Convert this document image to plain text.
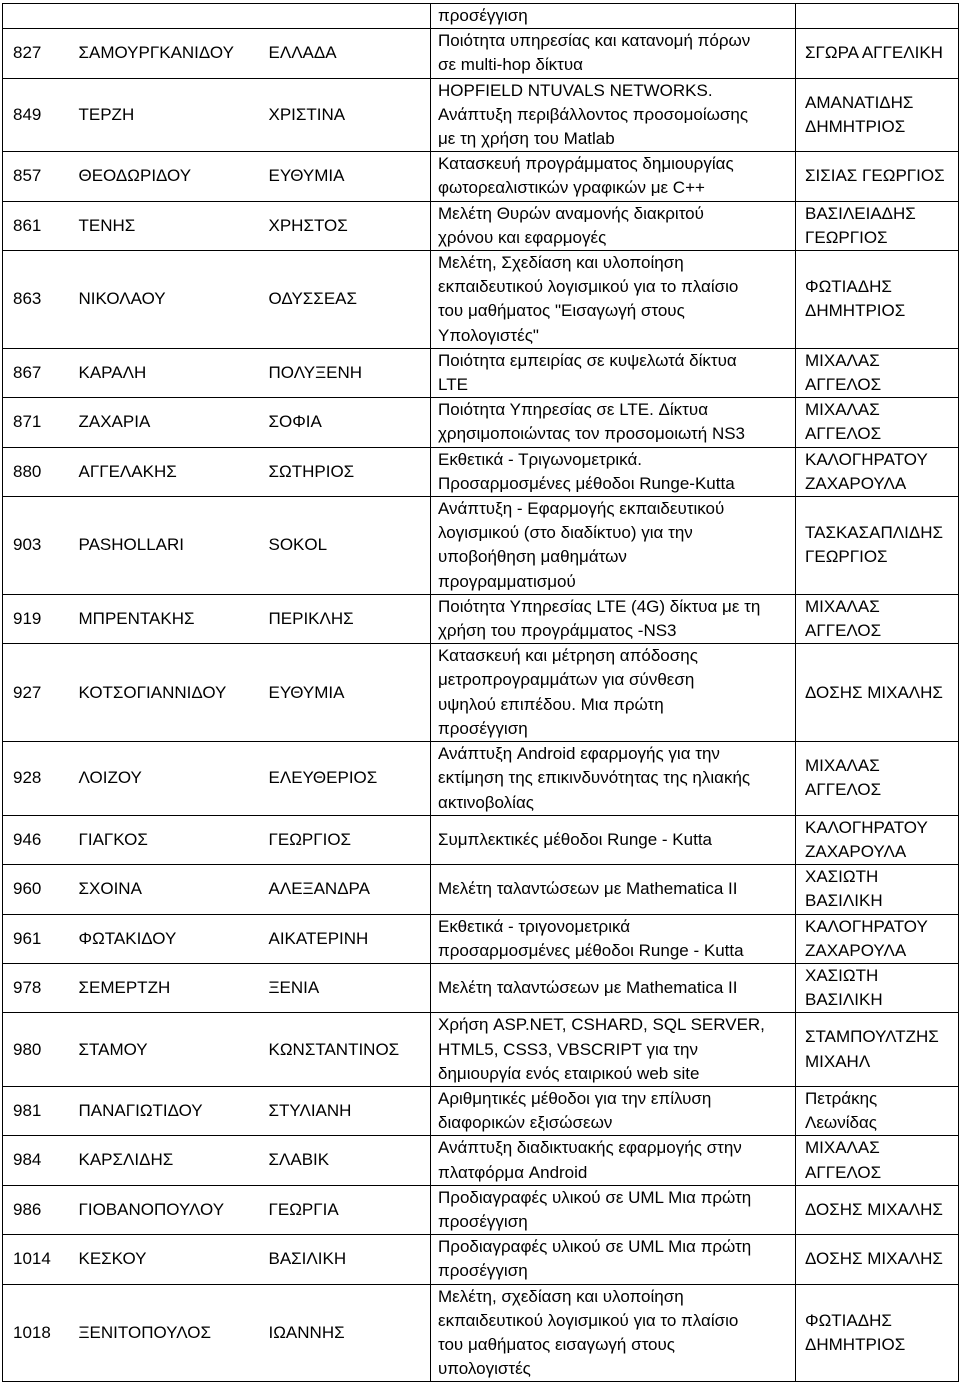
			προσέγγιση	

827	ΣΑΜΟΥΡΓΚΑΝΙΔΟΥ	ΕΛΛΑΔΑ	Ποιότητα υπηρεσίας και κατανομή πόρων
σε multi-hop δίκτυα	ΣΓΩΡΑ ΑΓΓΕΛΙΚΗ

849	ΤΕΡΖΗ	ΧΡΙΣΤΙΝΑ	HOPFIELD NTUVALS NETWORKS.
Ανάπτυξη περιβάλλοντος προσομοίωσης
με τη χρήση του Matlab	ΑΜΑΝΑΤΙΔΗΣ
ΔΗΜΗΤΡΙΟΣ

857	ΘΕΟΔΩΡΙΔΟΥ	ΕΥΘΥΜΙΑ	Κατασκευή προγράμματος δημιουργίας
φωτορεαλιστικών γραφικών με C++	ΣΙΣΙΑΣ ΓΕΩΡΓΙΟΣ

861	ΤΕΝΗΣ	ΧΡΗΣΤΟΣ	Μελέτη Θυρών αναμονής διακριτού
χρόνου και εφαρμογές	ΒΑΣΙΛΕΙΑΔΗΣ
ΓΕΩΡΓΙΟΣ

863	ΝΙΚΟΛΑΟΥ	ΟΔΥΣΣΕΑΣ	Μελέτη, Σχεδίαση και υλοποίηση
εκπαιδευτικού λογισμικού για το πλαίσιο
του μαθήματος "Εισαγωγή στους
Υπολογιστές"	ΦΩΤΙΑΔΗΣ
ΔΗΜΗΤΡΙΟΣ

867	ΚΑΡΑΛΗ	ΠΟΛΥΞΕΝΗ	Ποιότητα εμπειρίας σε κυψελωτά δίκτυα
LTE	ΜΙΧΑΛΑΣ
ΑΓΓΕΛΟΣ

871	ΖΑΧΑΡΙΑ	ΣΟΦΙΑ	Ποιότητα Υπηρεσίας σε LTE. Δίκτυα
χρησιμοποιώντας τον προσομοιωτή NS3	ΜΙΧΑΛΑΣ
ΑΓΓΕΛΟΣ

880	ΑΓΓΕΛΑΚΗΣ	ΣΩΤΗΡΙΟΣ	Εκθετικά - Τριγωνομετρικά.
Προσαρμοσμένες μέθοδοι Runge-Kutta	ΚΑΛΟΓΗΡΑΤΟΥ
ΖΑΧΑΡΟΥΛΑ

903	PASHOLLARI	SOKOL	Ανάπτυξη - Εφαρμογής εκπαιδευτικού
λογισμικού (στο διαδίκτυο) για την
υποβοήθηση μαθημάτων
προγραμματισμού	ΤΑΣΚΑΣΑΠΛΙΔΗΣ
ΓΕΩΡΓΙΟΣ

919	ΜΠΡΕΝΤΑΚΗΣ	ΠΕΡΙΚΛΗΣ	Ποιότητα Υπηρεσίας LTE (4G) δίκτυα με τη
χρήση του προγράμματος -NS3	ΜΙΧΑΛΑΣ
ΑΓΓΕΛΟΣ

927	ΚΟΤΣΟΓΙΑΝΝΙΔΟΥ	ΕΥΘΥΜΙΑ	Κατασκευή και μέτρηση απόδοσης
μετροπρογραμμάτων για σύνθεση
υψηλού επιπέδου. Μια πρώτη
προσέγγιση	ΔΟΣΗΣ ΜΙΧΑΛΗΣ

928	ΛΟΙΖΟΥ	ΕΛΕΥΘΕΡΙΟΣ	Ανάπτυξη Android εφαρμογής για την
εκτίμηση της επικινδυνότητας της ηλιακής
ακτινοβολίας	ΜΙΧΑΛΑΣ
ΑΓΓΕΛΟΣ

946	ΓΙΑΓΚΟΣ	ΓΕΩΡΓΙΟΣ	Συμπλεκτικές μέθοδοι Runge - Kutta	ΚΑΛΟΓΗΡΑΤΟΥ
ΖΑΧΑΡΟΥΛΑ

960	ΣΧΟΙΝΑ	ΑΛΕΞΑΝΔΡΑ	Μελέτη ταλαντώσεων με Mathematica II	ΧΑΣΙΩΤΗ
ΒΑΣΙΛΙΚΗ

961	ΦΩΤΑΚΙΔΟΥ	ΑΙΚΑΤΕΡΙΝΗ	Εκθετικά - τριγονομετρικά
προσαρμοσμένες μέθοδοι Runge - Kutta	ΚΑΛΟΓΗΡΑΤΟΥ
ΖΑΧΑΡΟΥΛΑ

978	ΣΕΜΕΡΤΖΗ	ΞΕΝΙΑ	Μελέτη ταλαντώσεων με Mathematica II	ΧΑΣΙΩΤΗ
ΒΑΣΙΛΙΚΗ

980	ΣΤΑΜΟΥ	ΚΩΝΣΤΑΝΤΙΝΟΣ	Χρήση ASP.NET, CSHARD, SQL SERVER,
HTML5, CSS3, VBSCRIPT για την
δημιουργία ενός εταιρικού web site	ΣΤΑΜΠΟΥΛΤΖΗΣ
ΜΙΧΑΗΛ

981	ΠΑΝΑΓΙΩΤΙΔΟΥ	ΣΤΥΛΙΑΝΗ	Αριθμητικές μέθοδοι για την επίλυση
διαφορικών εξισώσεων	Πετράκης
Λεωνίδας

984	ΚΑΡΣΛΙΔΗΣ	ΣΛΑΒΙΚ	Ανάπτυξη διαδικτυακής εφαρμογής στην
πλατφόρμα Android	ΜΙΧΑΛΑΣ
ΑΓΓΕΛΟΣ

986	ΓΙΟΒΑΝΟΠΟΥΛΟΥ	ΓΕΩΡΓΙΑ	Προδιαγραφές υλικού σε UML Μια πρώτη
προσέγγιση	ΔΟΣΗΣ ΜΙΧΑΛΗΣ

1014	ΚΕΣΚΟΥ	ΒΑΣΙΛΙΚΗ	Προδιαγραφές υλικού σε UML Μια πρώτη
προσέγγιση	ΔΟΣΗΣ ΜΙΧΑΛΗΣ

1018	ΞΕΝΙΤΟΠΟΥΛΟΣ	ΙΩΑΝΝΗΣ	Μελέτη, σχεδίαση και υλοποίηση
εκπαιδευτικού λογισμικού για το πλαίσιο
του μαθήματος εισαγωγή στους
υπολογιστές	ΦΩΤΙΑΔΗΣ
ΔΗΜΗΤΡΙΟΣ
